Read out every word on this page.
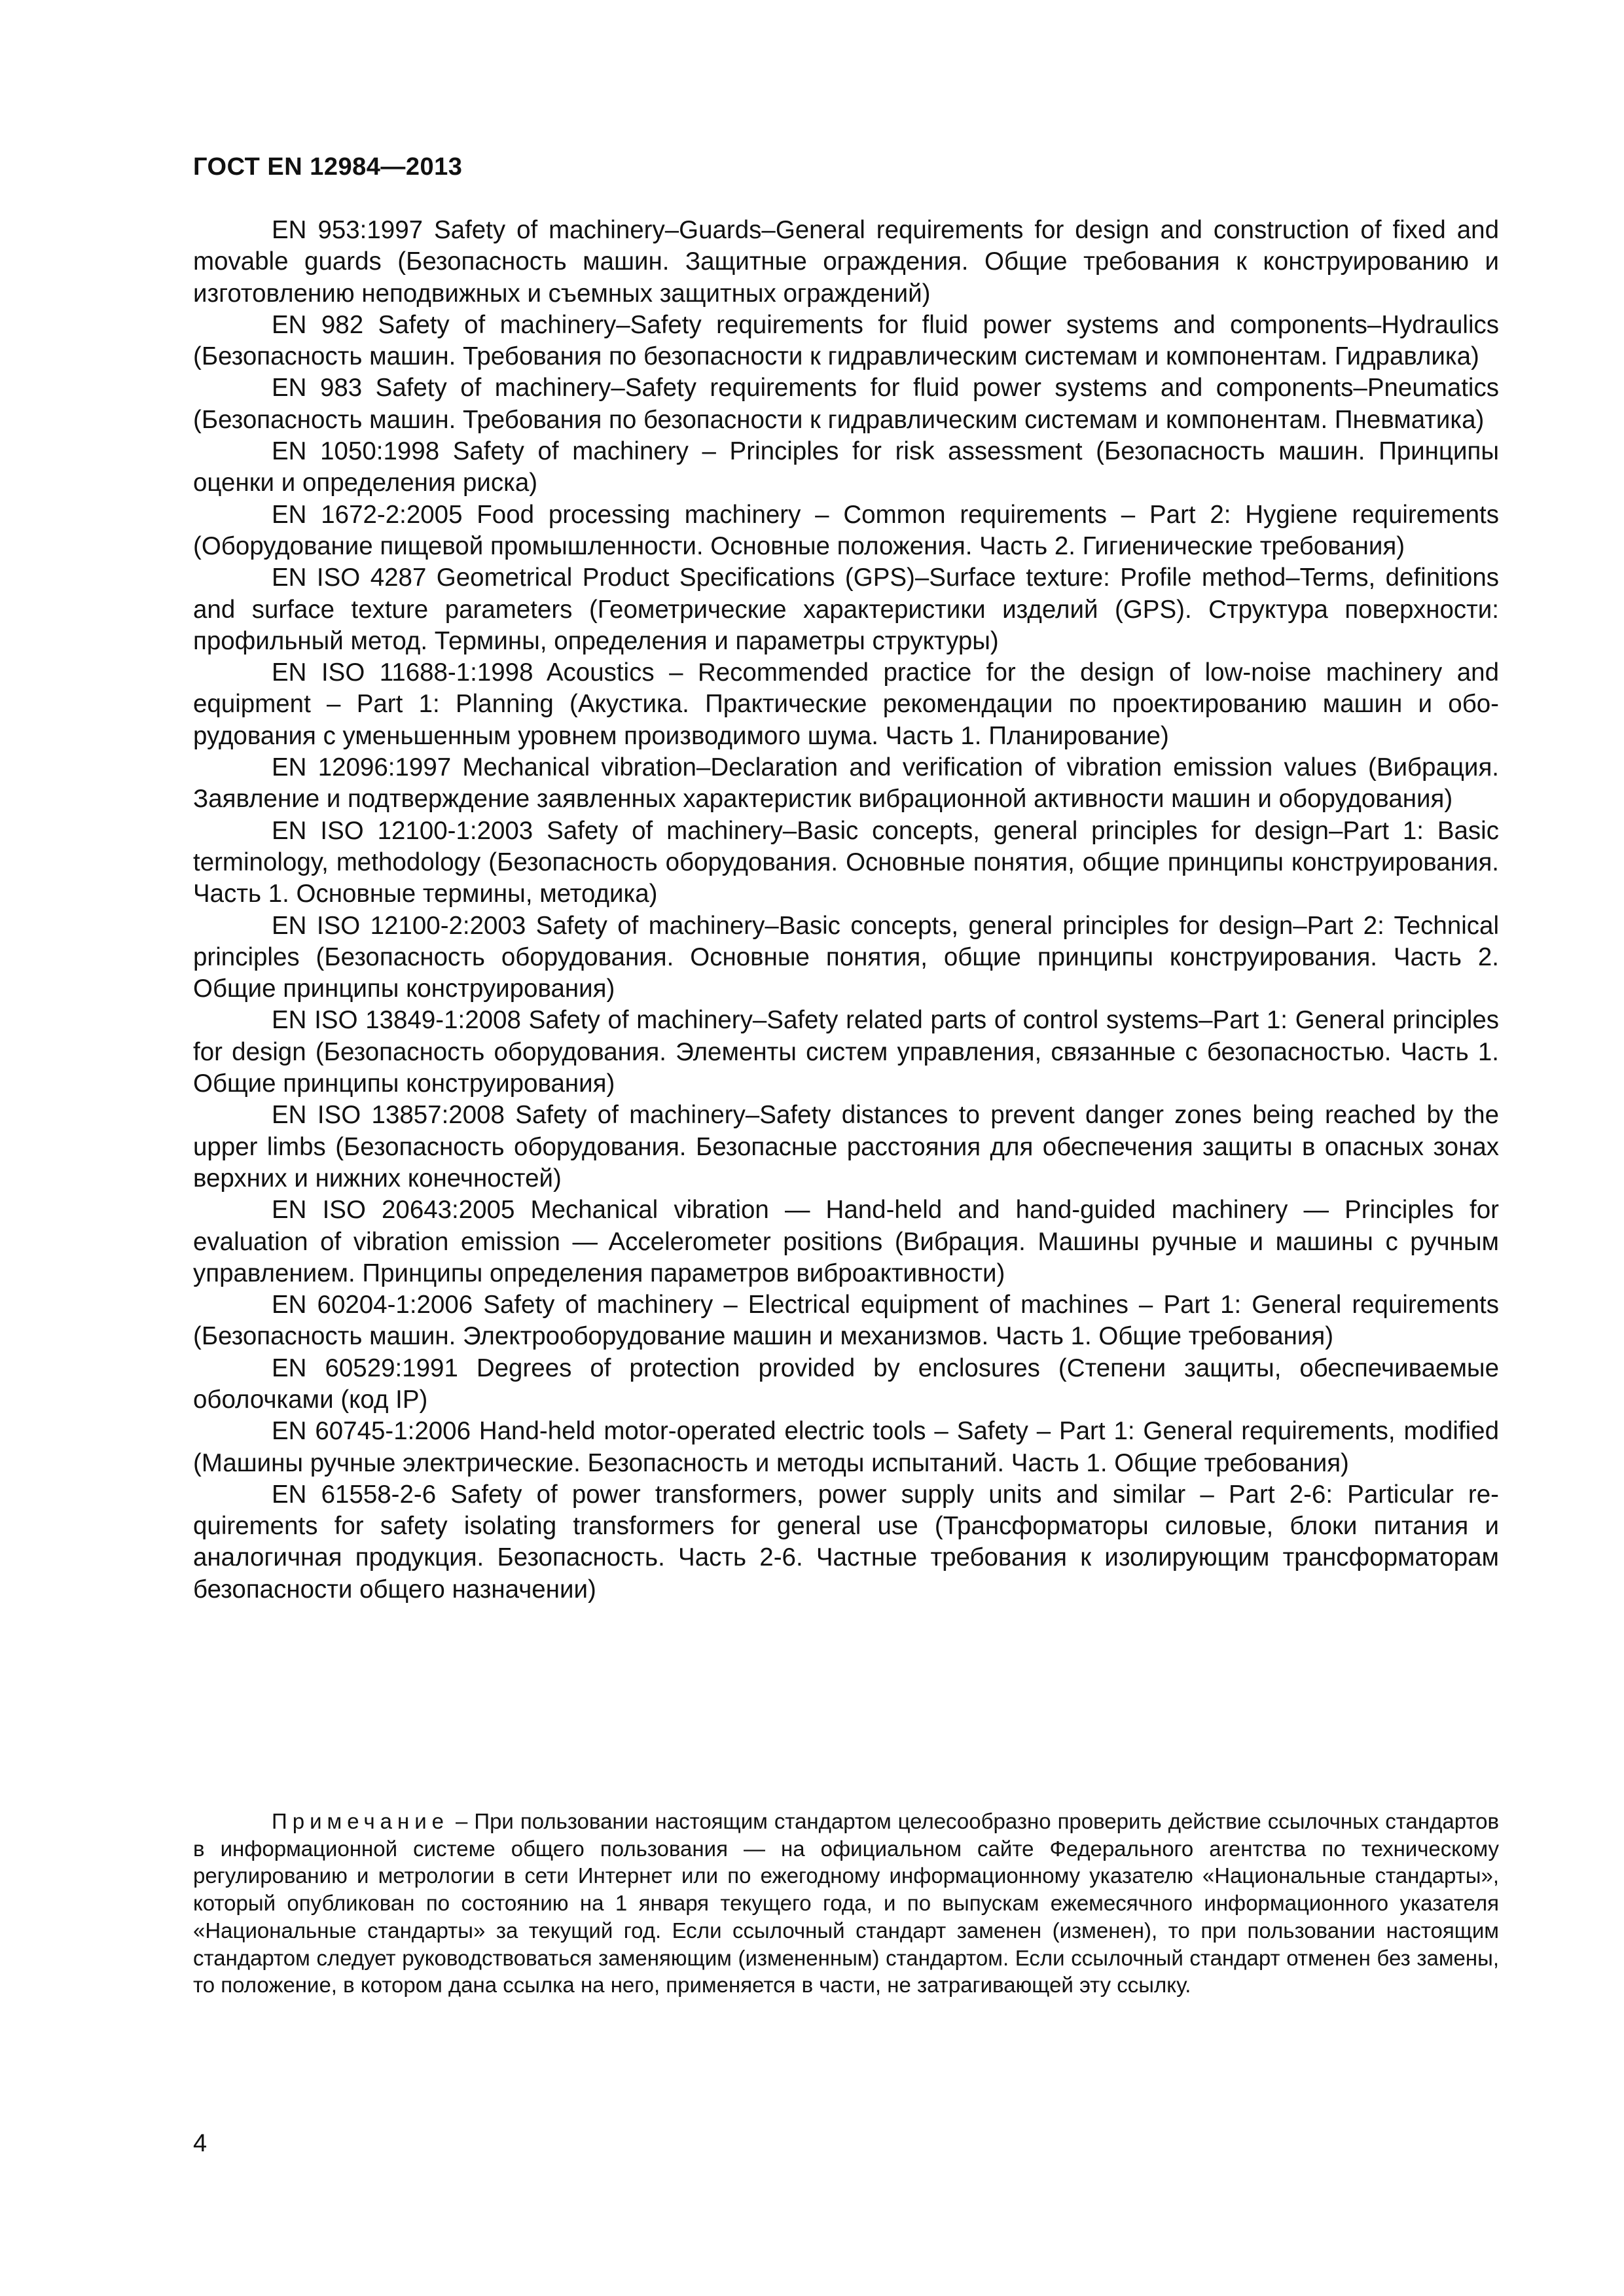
ГОСТ EN 12984—2013

EN 953:1997 Safety of machinery–Guards–General requirements for design and construction of fixed and movable guards (Безопасность машин. Защитные ограждения. Общие требования к конструированию и изготовлению неподвижных и съемных защитных ограждений)

EN 982 Safety of machinery–Safety requirements for fluid power systems and components–Hydraulics (Безопасность машин. Требования по безопасности к гидравлическим системам и компонентам. Гидравлика)

EN 983 Safety of machinery–Safety requirements for fluid power systems and components–Pneumatics (Безопасность машин. Требования по безопасности к гидравлическим системам и компонентам. Пневматика)

EN 1050:1998 Safety of machinery – Principles for risk assessment (Безопасность машин. Принципы оценки и определения риска)

EN 1672-2:2005 Food processing machinery – Common requirements – Part 2: Hygiene requirements (Оборудование пищевой промышленности. Основные положения. Часть 2. Гигиенические требования)

EN ISO 4287 Geometrical Product Specifications (GPS)–Surface texture: Profile method–Terms, definitions and surface texture parameters (Геометрические характеристики изделий (GPS). Структура поверхности: профильный метод. Термины, определения и параметры структуры)

EN ISO 11688-1:1998 Acoustics – Recommended practice for the design of low-noise machinery and equipment – Part 1: Planning (Акустика. Практические рекомендации по проектированию машин и оборудования с уменьшенным уровнем производимого шума. Часть 1. Планирование)

EN 12096:1997 Mechanical vibration–Declaration and verification of vibration emission values (Вибрация. Заявление и подтверждение заявленных характеристик вибрационной активности машин и оборудования)

EN ISO 12100-1:2003 Safety of machinery–Basic concepts, general principles for design–Part 1: Basic terminology, methodology (Безопасность оборудования. Основные понятия, общие принципы конструирования. Часть 1. Основные термины, методика)

EN ISO 12100-2:2003 Safety of machinery–Basic concepts, general principles for design–Part 2: Technical principles (Безопасность оборудования. Основные понятия, общие принципы конструирования. Часть 2. Общие принципы конструирования)

EN ISO 13849-1:2008 Safety of machinery–Safety related parts of control systems–Part 1: General principles for design (Безопасность оборудования. Элементы систем управления, связанные с безопасностью. Часть 1. Общие принципы конструирования)

EN ISO 13857:2008 Safety of machinery–Safety distances to prevent danger zones being reached by the upper limbs (Безопасность оборудования. Безопасные расстояния для обеспечения защиты в опасных зонах верхних и нижних конечностей)

EN ISO 20643:2005 Mechanical vibration — Hand-held and hand-guided machinery — Principles for evaluation of vibration emission — Accelerometer positions (Вибрация. Машины ручные и машины с ручным управлением. Принципы определения параметров виброактивности)

EN 60204-1:2006 Safety of machinery – Electrical equipment of machines – Part 1: General requirements (Безопасность машин. Электрооборудование машин и механизмов. Часть 1. Общие требования)

EN 60529:1991 Degrees of protection provided by enclosures (Степени защиты, обеспечиваемые оболочками (код IP)

EN 60745-1:2006 Hand-held motor-operated electric tools – Safety – Part 1: General requirements, modified (Машины ручные электрические. Безопасность и методы испытаний. Часть 1. Общие требования)

EN 61558-2-6 Safety of power transformers, power supply units and similar – Part 2-6: Particular requirements for safety isolating transformers for general use (Трансформаторы силовые, блоки питания и аналогичная продукция. Безопасность. Часть 2-6. Частные требования к изолирующим трансформаторам безопасности общего назначении)

Примечание – При пользовании настоящим стандартом целесообразно проверить действие ссылочных стандартов в информационной системе общего пользования — на официальном сайте Федерального агентства по техническому регулированию и метрологии в сети Интернет или по ежегодному информационному указателю «Национальные стандарты», который опубликован по состоянию на 1 января текущего года, и по выпускам ежемесячного информационного указателя «Национальные стандарты» за текущий год. Если ссылочный стандарт заменен (изменен), то при пользовании настоящим стандартом следует руководствоваться заменяющим (измененным) стандартом. Если ссылочный стандарт отменен без замены, то положение, в котором дана ссылка на него, применяется в части, не затрагивающей эту ссылку.

4
